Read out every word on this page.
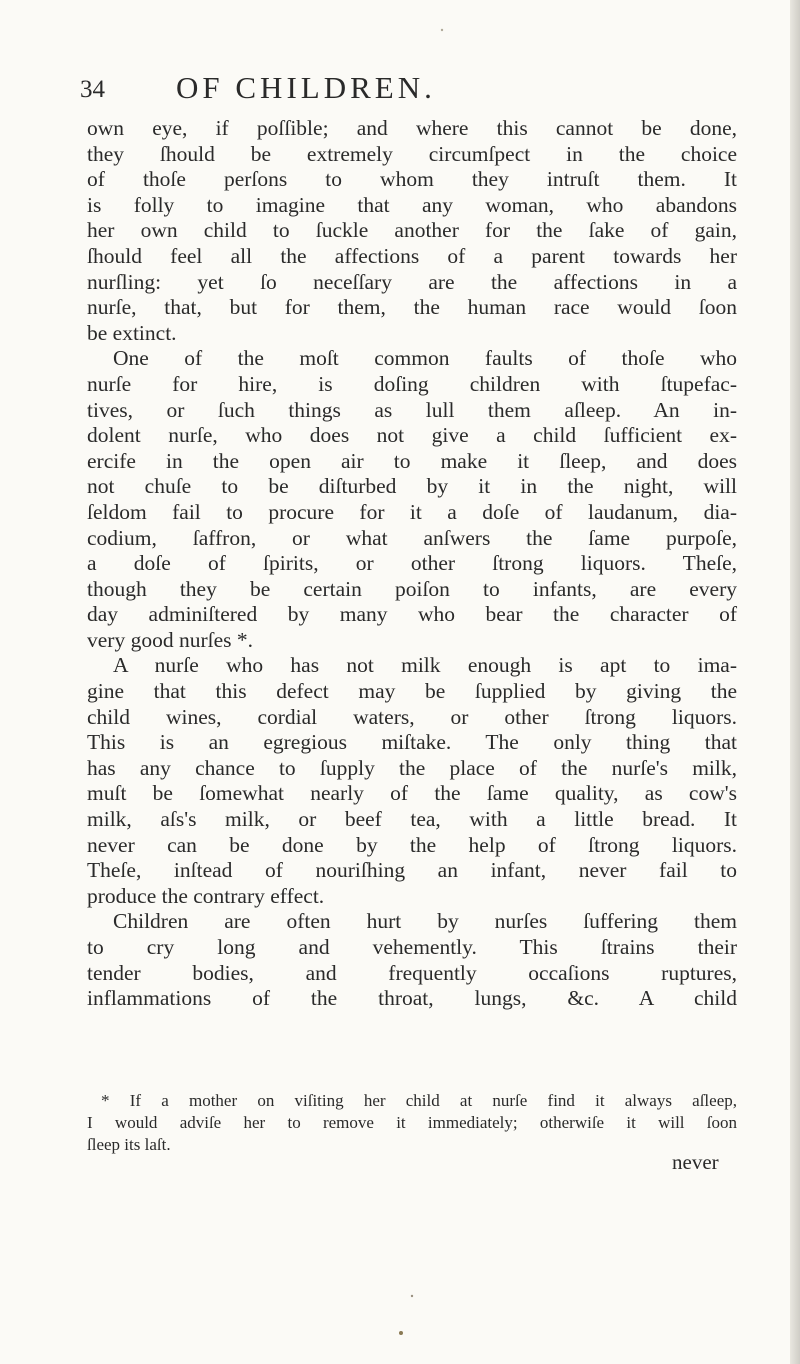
34 OF CHILDREN.
own eye, if poſſible; and where this cannot be done,
they ſhould be extremely circumſpect in the choice
of thoſe perſons to whom they intruſt them. It
is folly to imagine that any woman, who abandons
her own child to ſuckle another for the ſake of gain,
ſhould feel all the affections of a parent towards her
nurſling: yet ſo neceſſary are the affections in a
nurſe, that, but for them, the human race would ſoon
be extinct.
One of the moſt common faults of thoſe who
nurſe for hire, is doſing children with ſtupefac-
tives, or ſuch things as lull them aſleep. An in-
dolent nurſe, who does not give a child ſufficient ex-
ercife in the open air to make it ſleep, and does
not chuſe to be diſturbed by it in the night, will
ſeldom fail to procure for it a doſe of laudanum, dia-
codium, ſaffron, or what anſwers the ſame purpoſe,
a doſe of ſpirits, or other ſtrong liquors. Theſe,
though they be certain poiſon to infants, are every
day adminiſtered by many who bear the character of
very good nurſes *.
A nurſe who has not milk enough is apt to ima-
gine that this defect may be ſupplied by giving the
child wines, cordial waters, or other ſtrong liquors.
This is an egregious miſtake. The only thing that
has any chance to ſupply the place of the nurſe's milk,
muſt be ſomewhat nearly of the ſame quality, as cow's
milk, aſs's milk, or beef tea, with a little bread. It
never can be done by the help of ſtrong liquors.
Theſe, inſtead of nouriſhing an infant, never fail to
produce the contrary effect.
Children are often hurt by nurſes ſuffering them
to cry long and vehemently. This ſtrains their
tender bodies, and frequently occaſions ruptures,
inflammations of the throat, lungs, &c. A child
* If a mother on viſiting her child at nurſe find it always aſleep,
I would adviſe her to remove it immediately; otherwiſe it will ſoon
ſleep its laſt.
never
